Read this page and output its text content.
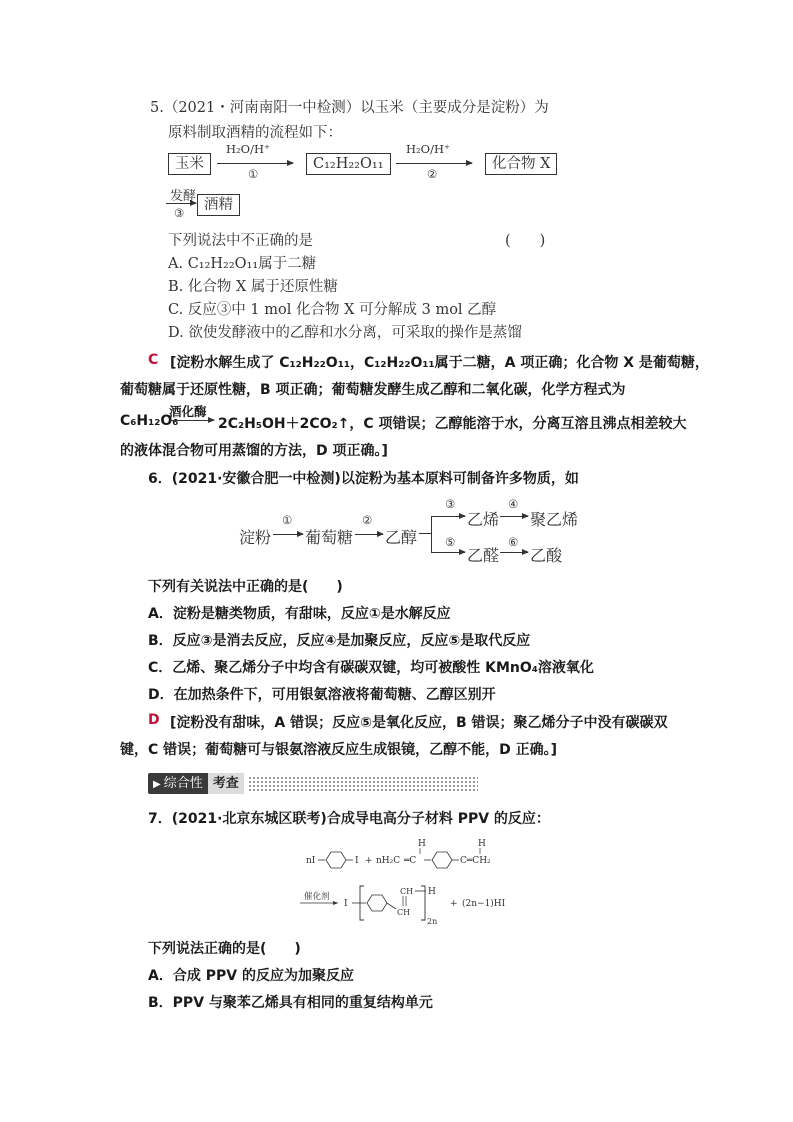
5.（2021・河南南阳一中检测）以玉米（主要成分是淀粉）为
原料制取酒精的流程如下：
玉米
H₂O/H⁺
①
C₁₂H₂₂O₁₁
H₂O/H⁺
②
化合物 X
发酵
③	酒精
下列说法中不正确的是	(　　)
A. C₁₂H₂₂O₁₁属于二糖
B. 化合物 X 属于还原性糖
C. 反应③中 1 mol 化合物 X 可分解成 3 mol 乙醇
D. 欲使发酵液中的乙醇和水分离，可采取的操作是蒸馏
C [淀粉水解生成了 C₁₂H₂₂O₁₁，C₁₂H₂₂O₁₁属于二糖，A 项正确；化合物 X 是葡萄糖，
葡萄糖属于还原性糖，B 项正确；葡萄糖发酵生成乙醇和二氧化碳，化学方程式为
C₆H₁₂O₆
酒化酶
2C₂H₅OH＋2CO₂↑，C 项错误；乙醇能溶于水，分离互溶且沸点相差较大
的液体混合物可用蒸馏的方法，D 项正确。]
6．(2021·安徽合肥一中检测)以淀粉为基本原料可制备许多物质，如
淀粉
①
葡萄糖
②
乙醇
③
乙烯
④
聚乙烯
⑤
乙醛
⑥
乙酸
下列有关说法中正确的是(　　)
A．淀粉是糖类物质，有甜味，反应①是水解反应
B．反应③是消去反应，反应④是加聚反应，反应⑤是取代反应
C．乙烯、聚乙烯分子中均含有碳碳双键，均可被酸性 KMnO₄溶液氧化
D．在加热条件下，可用银氨溶液将葡萄糖、乙醇区别开
D [淀粉没有甜味，A 错误；反应⑤是氧化反应，B 错误；聚乙烯分子中没有碳碳双
键，C 错误；葡萄糖可与银氨溶液反应生成银镜，乙醇不能，D 正确。]
▶ 综合性 考查
7．(2021·北京东城区联考)合成导电高分子材料 PPV 的反应：
nI	I + nH₂C ═C
H	H
C═CH₂
催化剂
I
CH
CH H
2n
+ (2n−1)HI
下列说法正确的是(　　)
A．合成 PPV 的反应为加聚反应
B．PPV 与聚苯乙烯具有相同的重复结构单元
